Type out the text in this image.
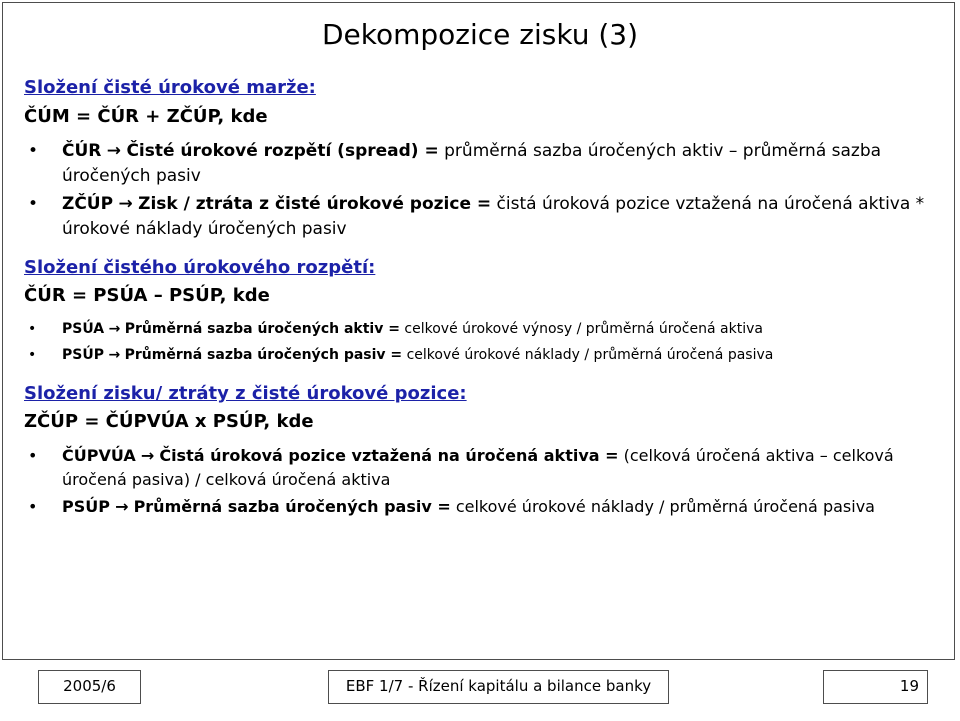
Dekompozice zisku (3)

Složení čisté úrokové marže:

ČÚM = ČÚR + ZČÚP, kde

• ČÚR → Čisté úrokové rozpětí (spread) = průměrná sazba úročených aktiv – průměrná sazba úročených pasiv
• ZČÚP → Zisk / ztráta z čisté úrokové pozice = čistá úroková pozice vztažená na úročená aktiva * úrokové náklady úročených pasiv

Složení čistého úrokového rozpětí:

ČÚR = PSÚA – PSÚP, kde

• PSÚA → Průměrná sazba úročených aktiv = celkové úrokové výnosy / průměrná úročená aktiva
• PSÚP → Průměrná sazba úročených pasiv = celkové úrokové náklady / průměrná úročená pasiva

Složení zisku/ ztráty z čisté úrokové pozice:

ZČÚP = ČÚPVÚA x PSÚP, kde

• ČÚPVÚA → Čistá úroková pozice vztažená na úročená aktiva = (celková úročená aktiva – celková úročená pasiva) / celková úročená aktiva
• PSÚP → Průměrná sazba úročených pasiv = celkové úrokové náklady / průměrná úročená pasiva
2005/6	EBF 1/7 - Řízení kapitálu a bilance banky	19
